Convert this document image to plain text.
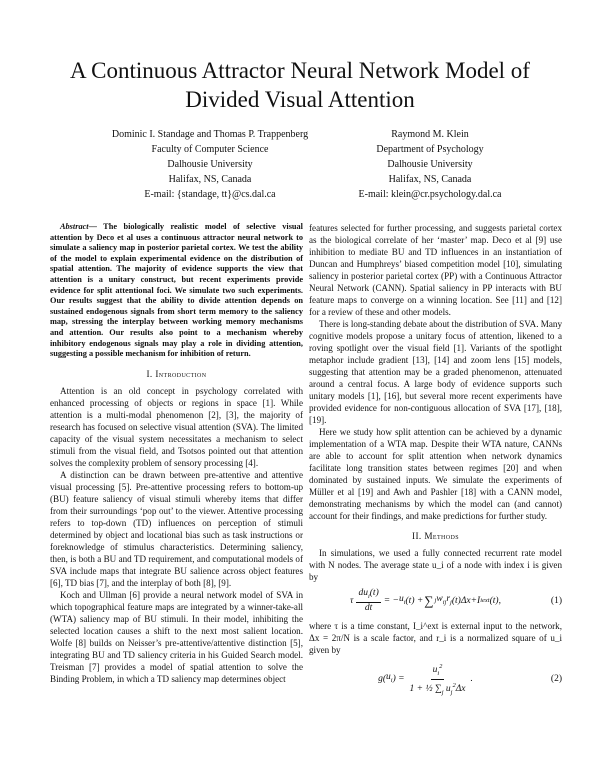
A Continuous Attractor Neural Network Model of Divided Visual Attention
Dominic I. Standage and Thomas P. Trappenberg
Faculty of Computer Science
Dalhousie University
Halifax, NS, Canada
E-mail: {standage, tt}@cs.dal.ca
Raymond M. Klein
Department of Psychology
Dalhousie University
Halifax, NS, Canada
E-mail: klein@cr.psychology.dal.ca

Abstract— The biologically realistic model of selective visual attention by Deco et al uses a continuous attractor neural network to simulate a saliency map in posterior parietal cortex. We test the ability of the model to explain experimental evidence on the distribution of spatial attention. The majority of evidence supports the view that attention is a unitary construct, but recent experiments provide evidence for split attentional foci. We simulate two such experiments. Our results suggest that the ability to divide attention depends on sustained endogenous signals from short term memory to the saliency map, stressing the interplay between working memory mechanisms and attention. Our results also point to a mechanism whereby inhibitory endogenous signals may play a role in dividing attention, suggesting a possible mechanism for inhibition of return.

I. Introduction

Attention is an old concept in psychology correlated with enhanced processing of objects or regions in space [1]. While attention is a multi-modal phenomenon [2], [3], the majority of research has focused on selective visual attention (SVA). The limited capacity of the visual system necessitates a mechanism to select stimuli from the visual field, and Tsotsos pointed out that attention solves the complexity problem of sensory processing [4].

A distinction can be drawn between pre-attentive and attentive visual processing [5]. Pre-attentive processing refers to bottom-up (BU) feature saliency of visual stimuli whereby items that differ from their surroundings ‘pop out’ to the viewer. Attentive processing refers to top-down (TD) influences on perception of stimuli determined by object and locational bias such as task instructions or foreknowledge of stimulus characteristics. Determining saliency, then, is both a BU and TD requirement, and computational models of SVA include maps that integrate BU salience across object features [6], TD bias [7], and the interplay of both [8], [9].

Koch and Ullman [6] provide a neural network model of SVA in which topographical feature maps are integrated by a winner-take-all (WTA) saliency map of BU stimuli. In their model, inhibiting the selected location causes a shift to the next most salient location. Wolfe [8] builds on Neisser’s pre-attentive/attentive distinction [5], integrating BU and TD saliency criteria in his Guided Search model. Treisman [7] provides a model of spatial attention to solve the Binding Problem, in which a TD saliency map determines object

features selected for further processing, and suggests parietal cortex as the biological correlate of her ‘master’ map. Deco et al [9] use inhibition to mediate BU and TD influences in an instantiation of Duncan and Humphreys’ biased competition model [10], simulating saliency in posterior parietal cortex (PP) with a Continuous Attractor Neural Network (CANN). Spatial saliency in PP interacts with BU feature maps to converge on a winning location. See [11] and [12] for a review of these and other models.

There is long-standing debate about the distribution of SVA. Many cognitive models propose a unitary focus of attention, likened to a roving spotlight over the visual field [1]. Variants of the spotlight metaphor include gradient [13], [14] and zoom lens [15] models, suggesting that attention may be a graded phenomenon, attenuated around a central focus. A large body of evidence supports such unitary models [1], [16], but several more recent experiments have provided evidence for non-contiguous allocation of SVA [17], [18], [19].

Here we study how split attention can be achieved by a dynamic implementation of a WTA map. Despite their WTA nature, CANNs are able to account for split attention when network dynamics facilitate long transition states between regimes [20] and when dominated by sustained inputs. We simulate the experiments of Müller et al [19] and Awh and Pashler [18] with a CANN model, demonstrating mechanisms by which the model can (and cannot) account for their findings, and make predictions for further study.

II. Methods

In simulations, we used a fully connected recurrent rate model with N nodes. The average state u_i of a node with index i is given by

τ $\frac{du_i(t)}{dt}$ = − $u_i$ ( t ) + ∑ j $w_{ij}r_j$ ( t )Δ x + I i ext ( t ),	(1)

where τ is a time constant, I_i^ext is external input to the network, Δx = 2π/N is a scale factor, and r_i is a normalized square of u_i given by

g ( $u_i$ ) = $\frac{u_i^2}{1 + \frac{1}{2} \sum_j u_j^2\Delta x}$ .	(2)
